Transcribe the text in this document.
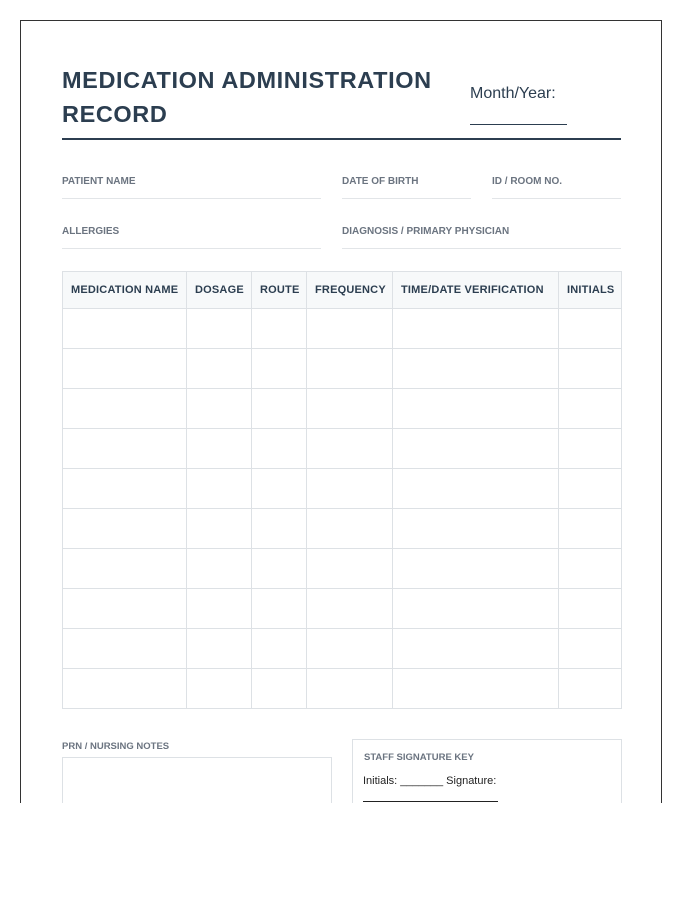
MEDICATION ADMINISTRATION RECORD
Month/Year:
PATIENT NAME	DATE OF BIRTH	ID / ROOM NO.
ALLERGIES	DIAGNOSIS / PRIMARY PHYSICIAN
MEDICATION NAME	DOSAGE	ROUTE	FREQUENCY	TIME/DATE VERIFICATION	INITIALS

PRN / NURSING NOTES
STAFF SIGNATURE KEY
Initials: _______ Signature:
